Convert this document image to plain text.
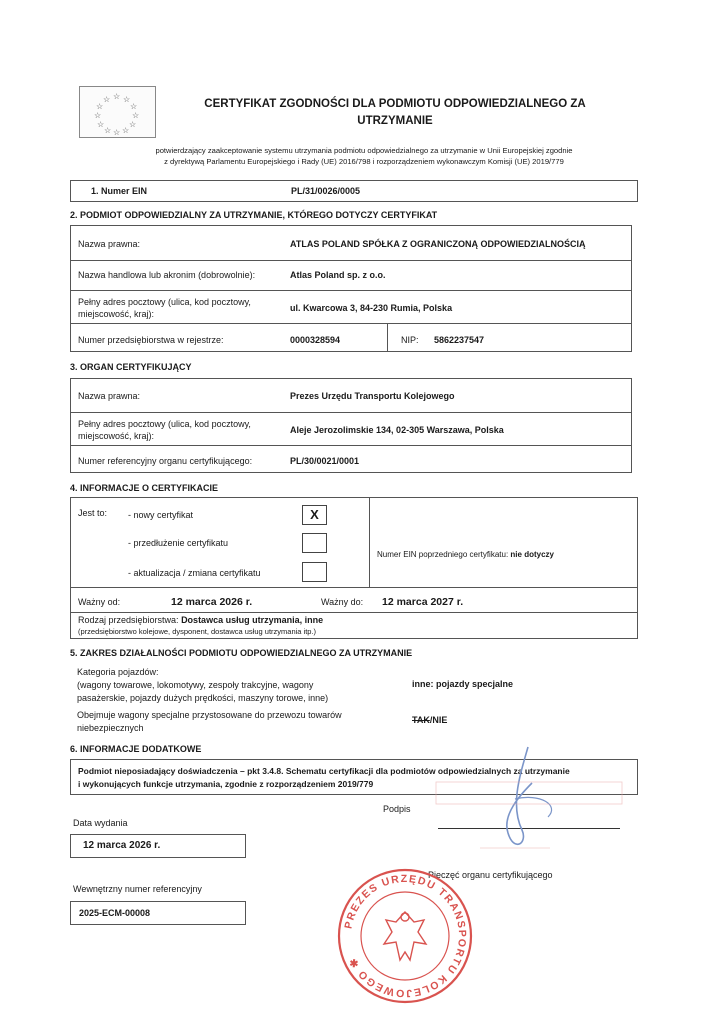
☆ ☆
☆
☆
☆
☆
☆
☆
☆
☆
☆
☆	CERTYFIKAT ZGODNOŚCI DLA PODMIOTU ODPOWIEDZIALNEGO ZA
UTRZYMANIE
potwierdzający zaakceptowanie systemu utrzymania podmiotu odpowiedzialnego za utrzymanie w Unii Europejskiej zgodnie
z dyrektywą Parlamentu Europejskiego i Rady (UE) 2016/798 i rozporządzeniem wykonawczym Komisji (UE) 2019/779
1. Numer EIN	PL/31/0026/0005
2. PODMIOT ODPOWIEDZIALNY ZA UTRZYMANIE, KTÓREGO DOTYCZY CERTYFIKAT
Nazwa prawna:	ATLAS POLAND SPÓŁKA Z OGRANICZONĄ ODPOWIEDZIALNOŚCIĄ
Nazwa handlowa lub akronim (dobrowolnie):	Atlas Poland sp. z o.o.
Pełny adres pocztowy (ulica, kod pocztowy,
miejscowość, kraj):
ul. Kwarcowa 3, 84-230 Rumia, Polska
Numer przedsiębiorstwa w rejestrze:	0000328594	NIP: 5862237547
3. ORGAN CERTYFIKUJĄCY
Nazwa prawna:	Prezes Urzędu Transportu Kolejowego
Pełny adres pocztowy (ulica, kod pocztowy,
miejscowość, kraj):
Aleje Jerozolimskie 134, 02-305 Warszawa, Polska
Numer referencyjny organu certyfikującego:	PL/30/0021/0001
4. INFORMACJE O CERTYFIKACIE
Jest to: - nowy certyfikat	X
- przedłużenie certyfikatu
- aktualizacja / zmiana certyfikatu
Numer EIN poprzedniego certyfikatu: nie dotyczy
Ważny od:	12 marca 2026 r.	Ważny do: 12 marca 2027 r.
Rodzaj przedsiębiorstwa: Dostawca usług utrzymania, inne
(przedsiębiorstwo kolejowe, dysponent, dostawca usług utrzymania itp.)
5. ZAKRES DZIAŁALNOŚCI PODMIOTU ODPOWIEDZIALNEGO ZA UTRZYMANIE
Kategoria pojazdów:
(wagony towarowe, lokomotywy, zespoły trakcyjne, wagony
pasażerskie, pojazdy dużych prędkości, maszyny torowe, inne)
inne: pojazdy specjalne
Obejmuje wagony specjalne przystosowane do przewozu towarów
niebezpiecznych
TAK/NIE
6. INFORMACJE DODATKOWE
Podmiot nieposiadający doświadczenia – pkt 3.4.8. Schematu certyfikacji dla podmiotów odpowiedzialnych za utrzymanie
i wykonujących funkcje utrzymania, zgodnie z rozporządzeniem 2019/779
Podpis
Data wydania
12 marca 2026 r.
Pieczęć organu certyfikującego
Wewnętrzny numer referencyjny
2025-ECM-00008
PREZES URZĘDU TRANSPORTU KOLEJOWEGO ✱
